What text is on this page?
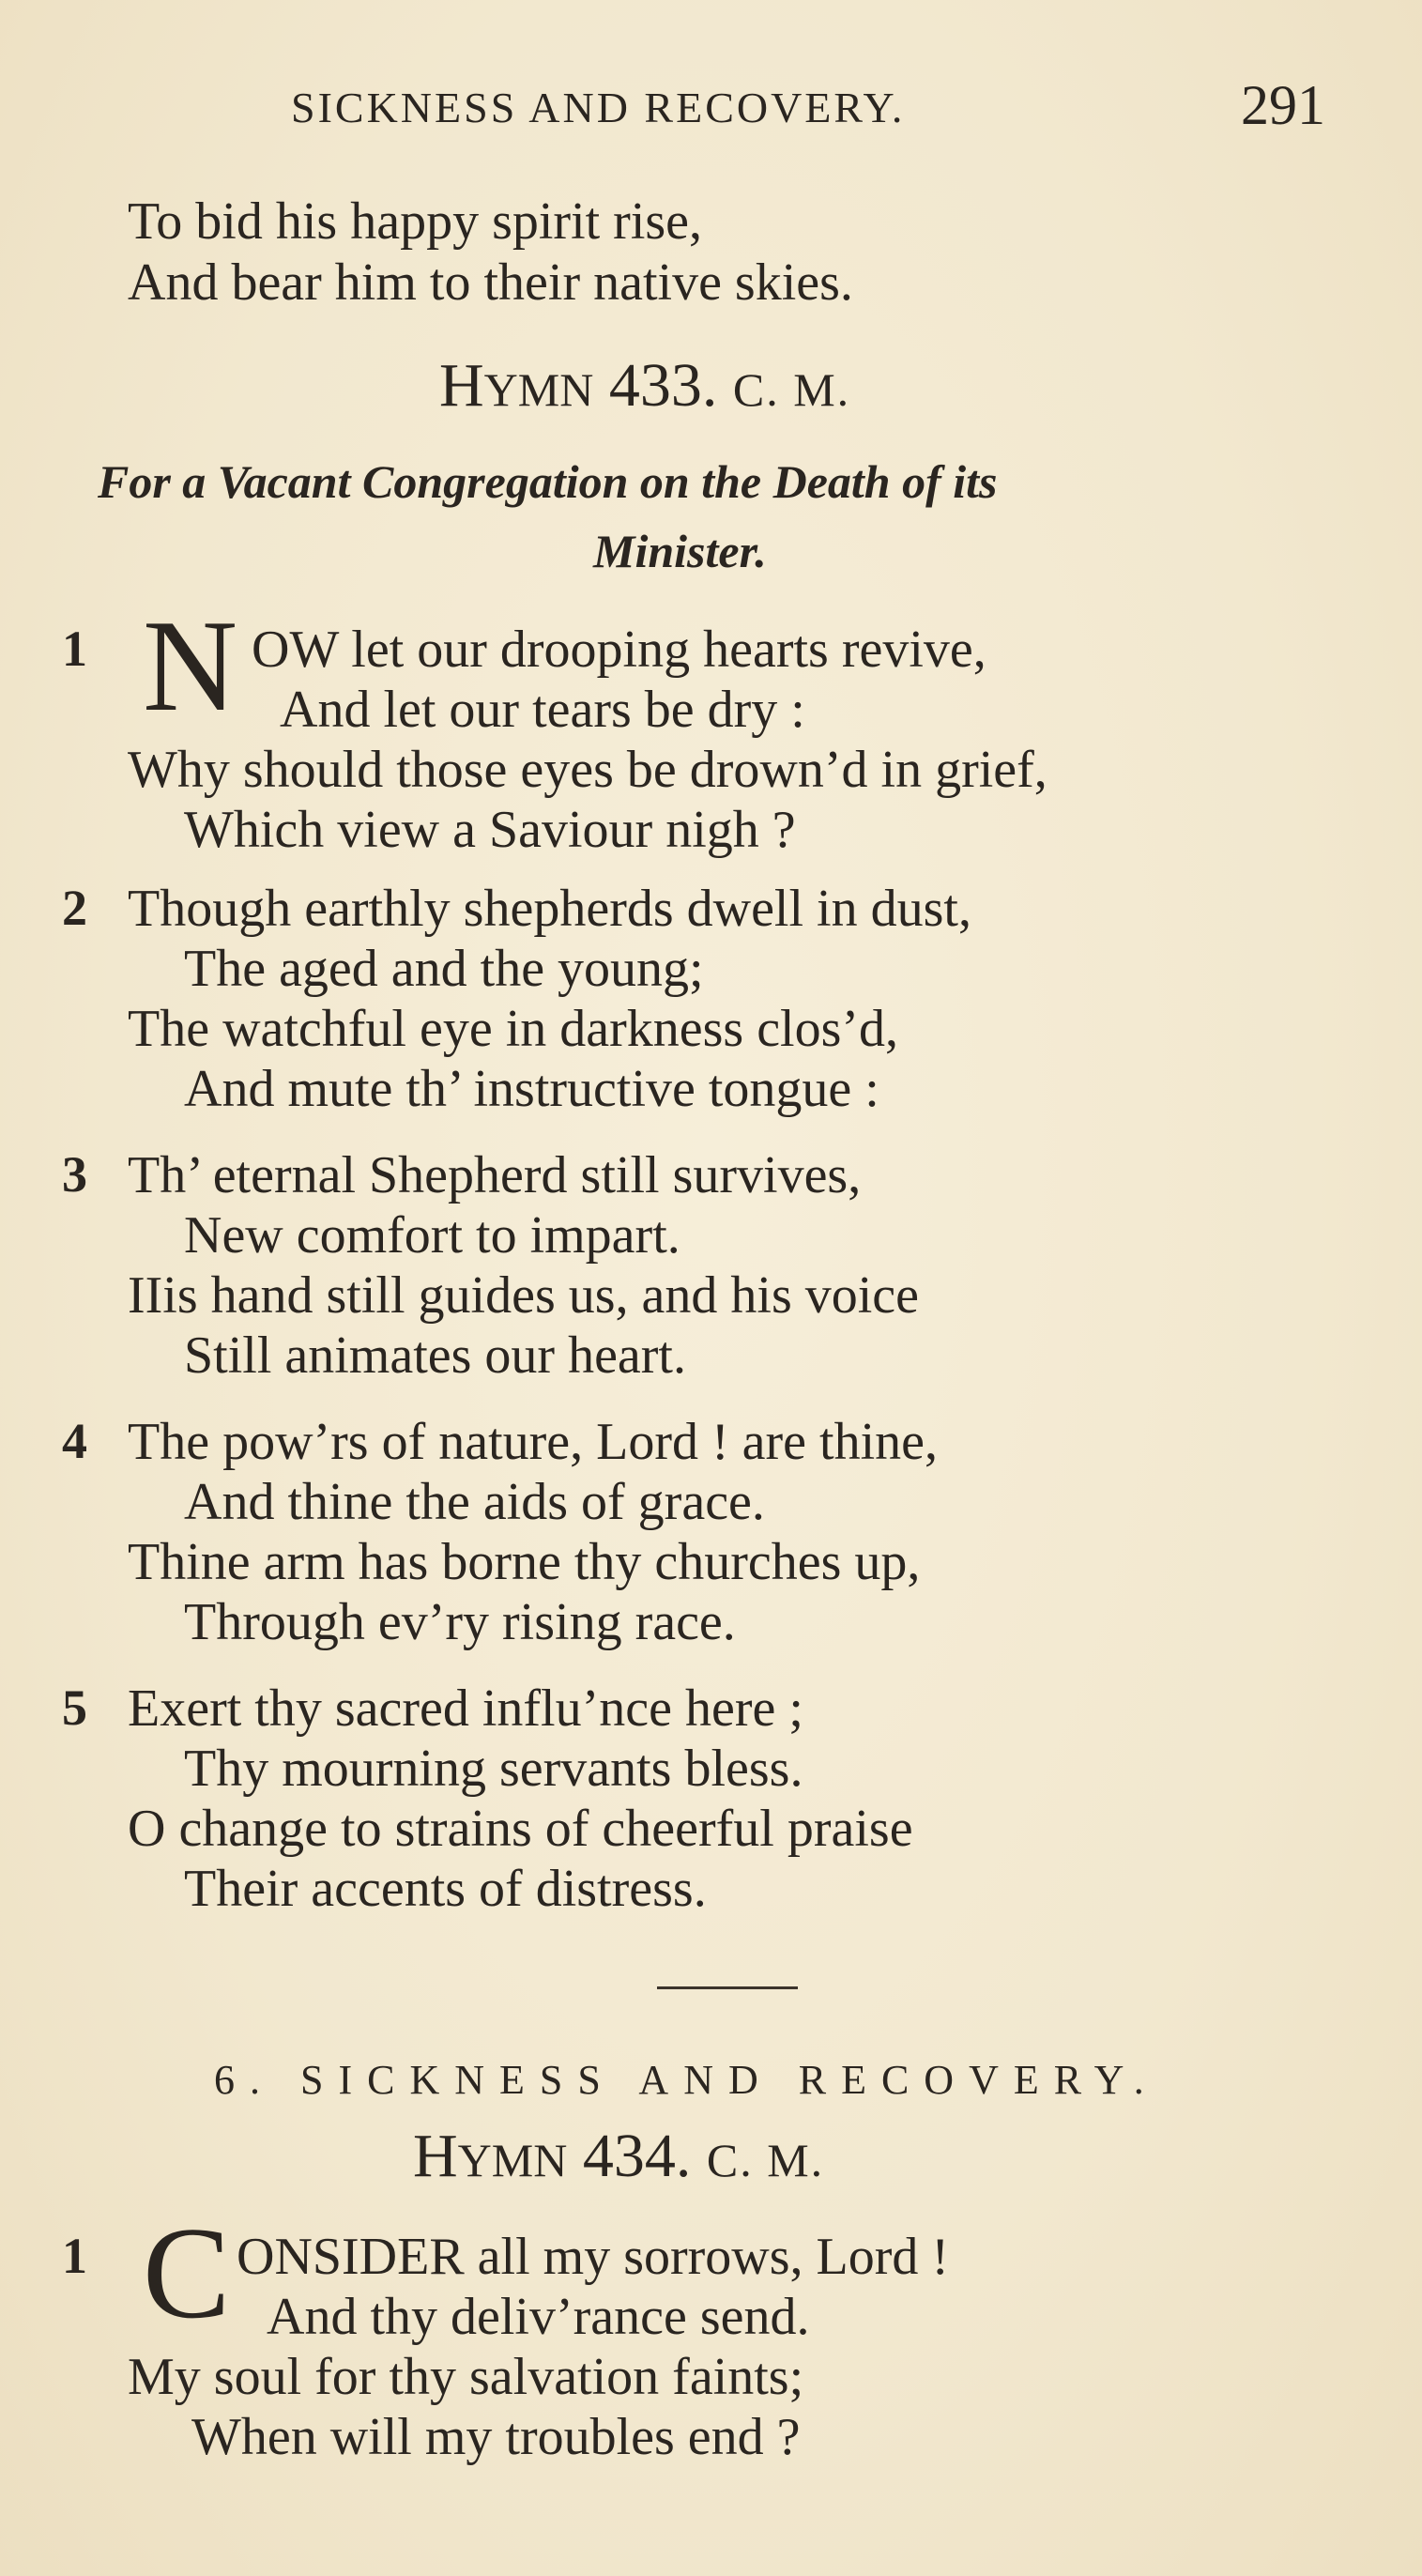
SICKNESS AND RECOVERY.	291
To bid his happy spirit rise,
And bear him to their native skies.
HYMN 433. C. M.
For a Vacant Congregation on the Death of its
Minister.
1 N OW let our drooping hearts revive,
And let our tears be dry :
Why should those eyes be drown’d in grief,
Which view a Saviour nigh ?
2 Though earthly shepherds dwell in dust,
The aged and the young;
The watchful eye in darkness clos’d,
And mute th’ instructive tongue :
3 Th’ eternal Shepherd still survives,
New comfort to impart.
IIis hand still guides us, and his voice
Still animates our heart.
4 The pow’rs of nature, Lord ! are thine,
And thine the aids of grace.
Thine arm has borne thy churches up,
Through ev’ry rising race.
5 Exert thy sacred influ’nce here ;
Thy mourning servants bless.
O change to strains of cheerful praise
Their accents of distress.
6. SICKNESS AND RECOVERY.
HYMN 434. C. M.
1 C ONSIDER all my sorrows, Lord !
And thy deliv’rance send.
My soul for thy salvation faints;
When will my troubles end ?
